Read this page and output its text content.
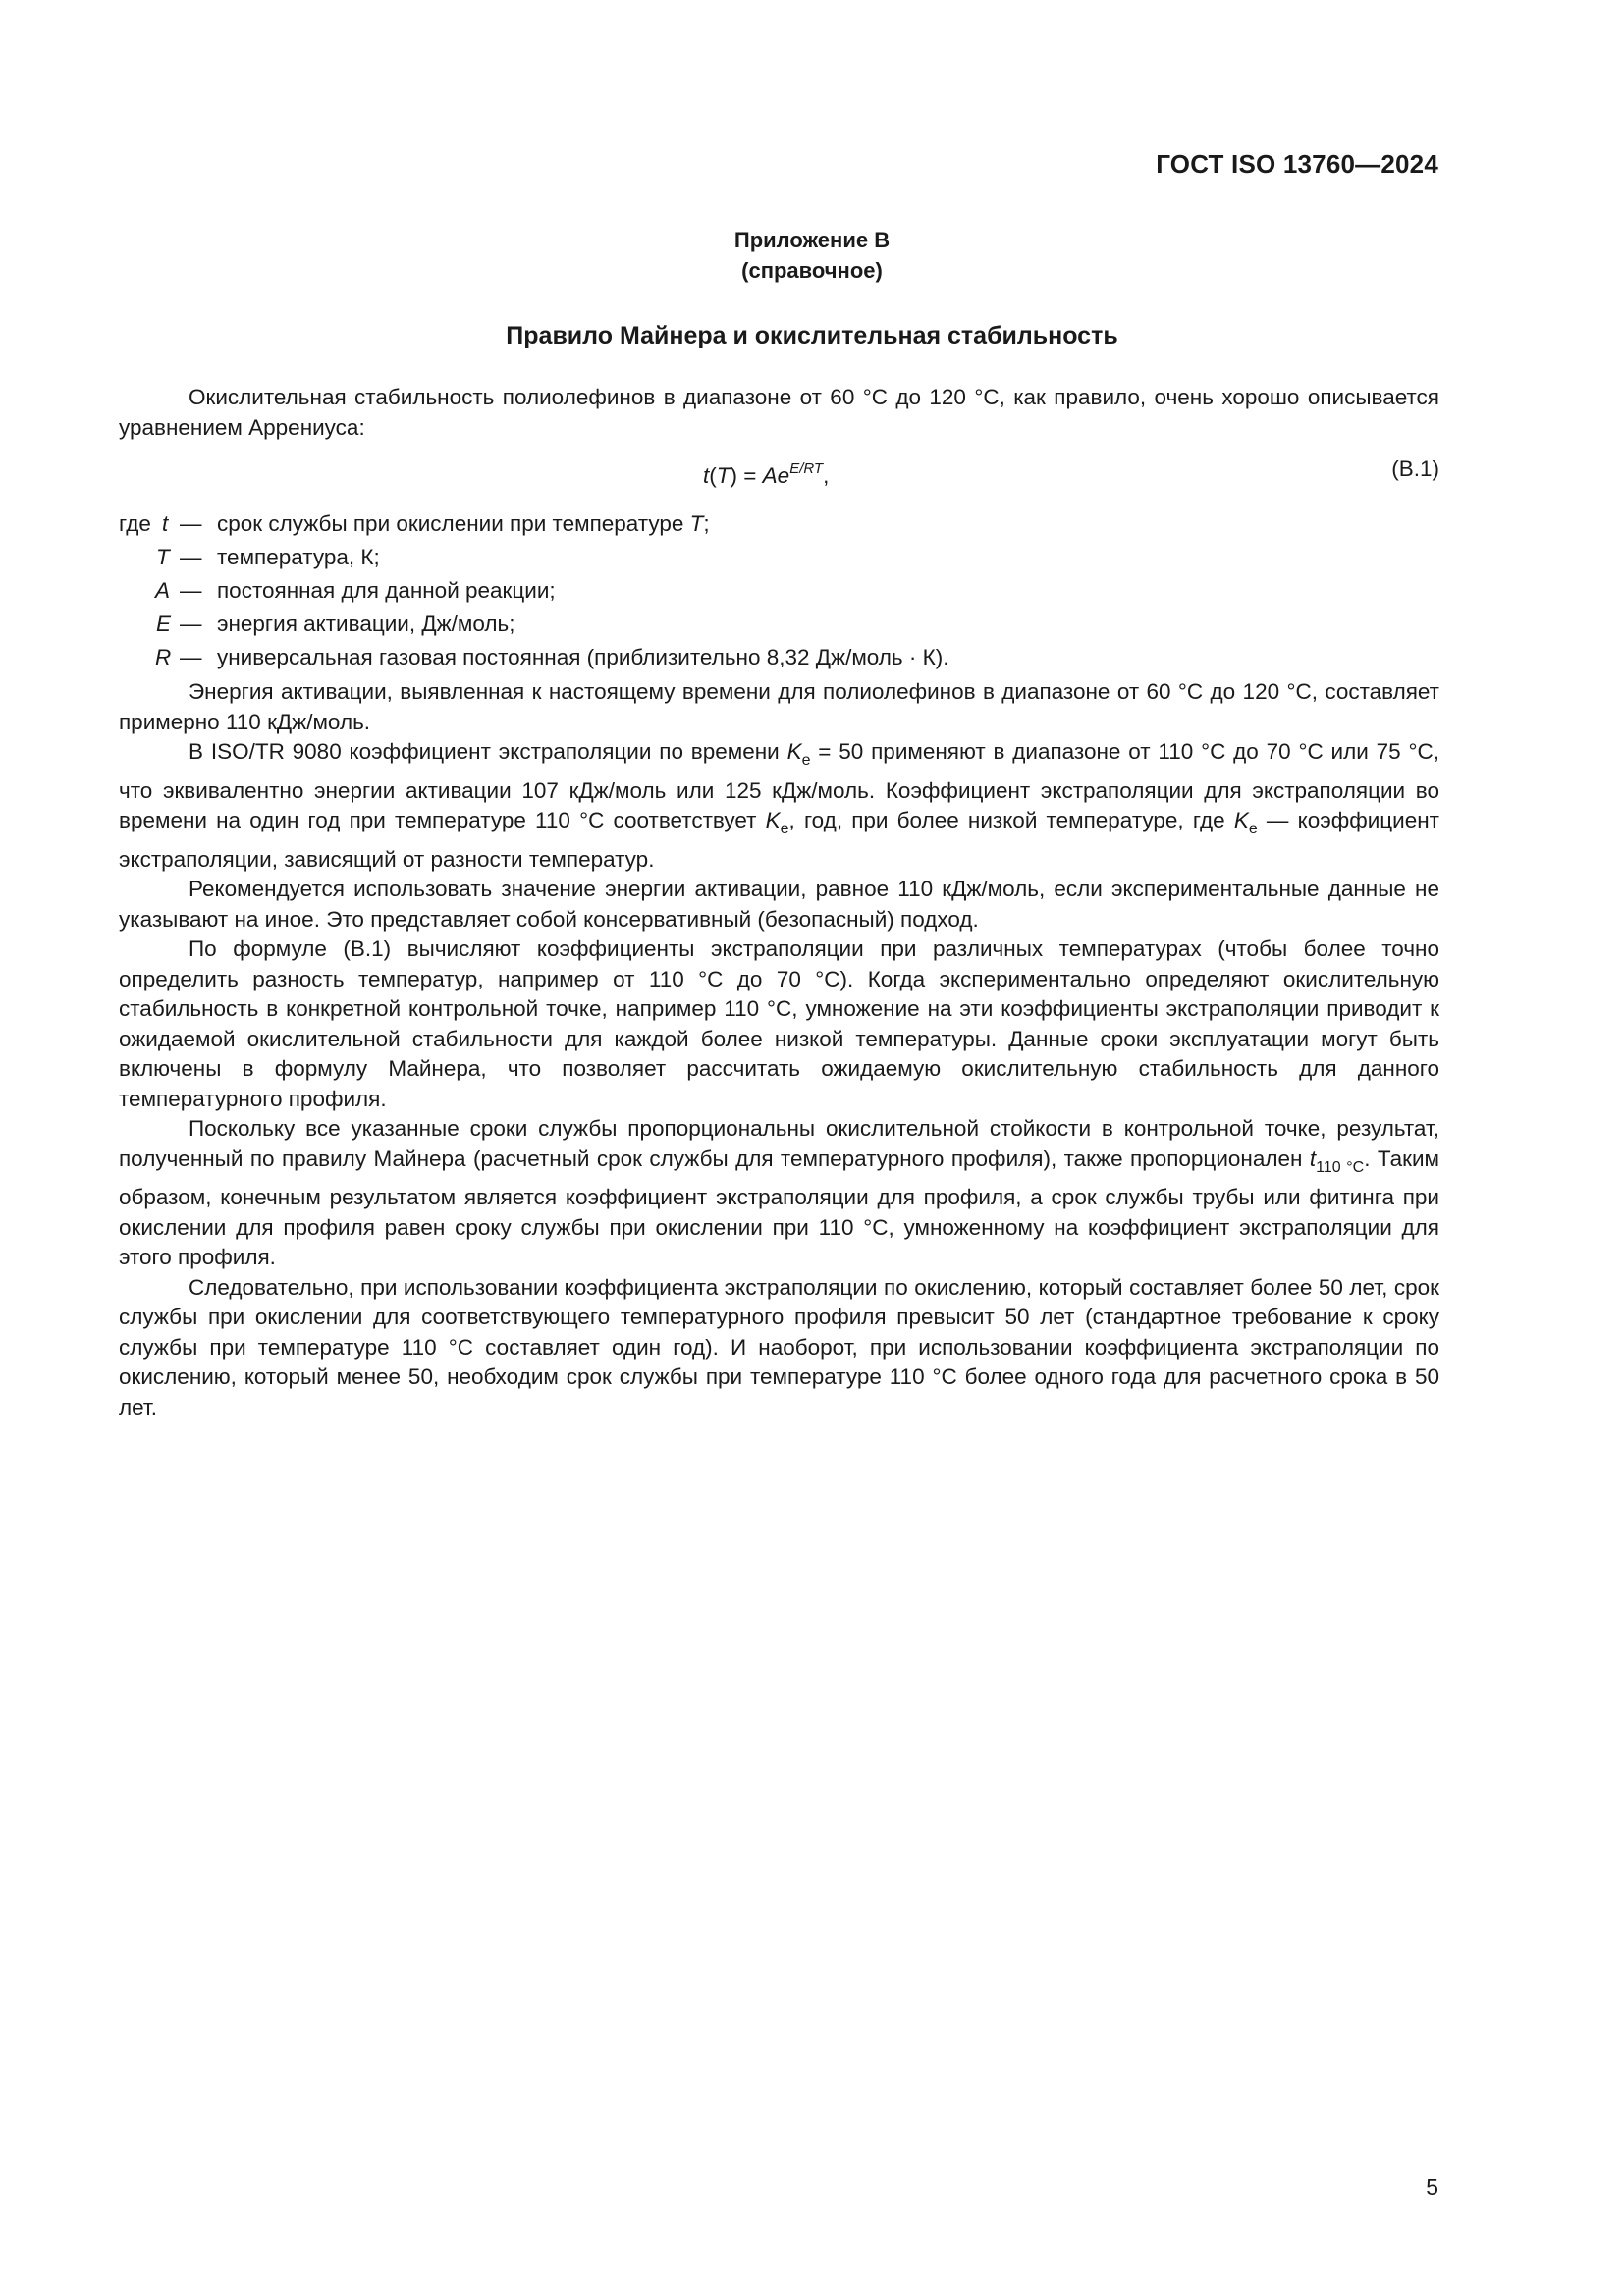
ГОСТ ISO 13760—2024
Приложение В
(справочное)
Правило Майнера и окислительная стабильность

Окислительная стабильность полиолефинов в диапазоне от 60 °С до 120 °С, как правило, очень хорошо описывается уравнением Аррениуса:

$t(T) = Ae^{E/RT}$,	(В.1)
где t — срок службы при окислении при температуре T;
T — температура, К;
A — постоянная для данной реакции;
E — энергия активации, Дж/моль;
R — универсальная газовая постоянная (приблизительно 8,32 Дж/моль · К).

Энергия активации, выявленная к настоящему времени для полиолефинов в диапазоне от 60 °С до 120 °С, составляет примерно 110 кДж/моль.

В ISO/TR 9080 коэффициент экстраполяции по времени $K_e = 50$ применяют в диапазоне от 110 °С до 70 °С или 75 °С, что эквивалентно энергии активации 107 кДж/моль или 125 кДж/моль. Коэффициент экстраполяции для экстраполяции во времени на один год при температуре 110 °С соответствует $K_e$, год, при более низкой температуре, где $K_e$ — коэффициент экстраполяции, зависящий от разности температур.

Рекомендуется использовать значение энергии активации, равное 110 кДж/моль, если экспериментальные данные не указывают на иное. Это представляет собой консервативный (безопасный) подход.

По формуле (В.1) вычисляют коэффициенты экстраполяции при различных температурах (чтобы более точно определить разность температур, например от 110 °С до 70 °С). Когда экспериментально определяют окислительную стабильность в конкретной контрольной точке, например 110 °С, умножение на эти коэффициенты экстраполяции приводит к ожидаемой окислительной стабильности для каждой более низкой температуры. Данные сроки эксплуатации могут быть включены в формулу Майнера, что позволяет рассчитать ожидаемую окислительную стабильность для данного температурного профиля.

Поскольку все указанные сроки службы пропорциональны окислительной стойкости в контрольной точке, результат, полученный по правилу Майнера (расчетный срок службы для температурного профиля), также пропорционален $t_{110 ^\circ С}$. Таким образом, конечным результатом является коэффициент экстраполяции для профиля, а срок службы трубы или фитинга при окислении для профиля равен сроку службы при окислении при 110 °С, умноженному на коэффициент экстраполяции для этого профиля.

Следовательно, при использовании коэффициента экстраполяции по окислению, который составляет более 50 лет, срок службы при окислении для соответствующего температурного профиля превысит 50 лет (стандартное требование к сроку службы при температуре 110 °С составляет один год). И наоборот, при использовании коэффициента экстраполяции по окислению, который менее 50, необходим срок службы при температуре 110 °С более одного года для расчетного срока в 50 лет.

5
